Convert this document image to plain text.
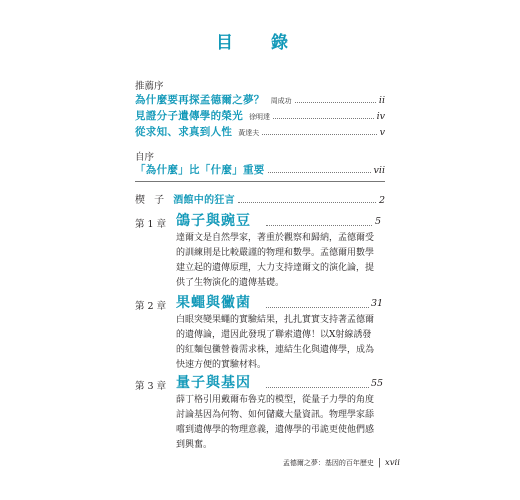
目 錄
推薦序
為什麼要再探孟德爾之夢？ 周成功	ii
見證分子遺傳學的榮光 徐明達	iv
從求知、求真到人性 黃達夫	v
自序
「為什麼」比「什麼」重要	vii
楔 子 酒館中的狂言	2
第 1 章 鴿子與豌豆	5
達爾文是自然學家，著重於觀察和歸納，孟德爾受
的訓練則是比較嚴謹的物理和數學。孟德爾用數學
建立起的遺傳原理，大力支持達爾文的演化論，提
供了生物演化的遺傳基礎。
第 2 章 果蠅與黴菌	31
白眼突變果蠅的實驗結果，扎扎實實支持著孟德爾
的遺傳論，還因此發現了聯索遺傳！以X射線誘發
的紅麵包黴營養需求株，連結生化與遺傳學，成為
快速方便的實驗材料。
第 3 章 量子與基因	55
薛丁格引用戴爾布魯克的模型，從量子力學的角度
討論基因為何物、如何儲藏大量資訊。物理學家舔
嚐到遺傳學的物理意義，遺傳學的弔詭更使他們感
到興奮。
孟德爾之夢：基因的百年歷史 | xvii
